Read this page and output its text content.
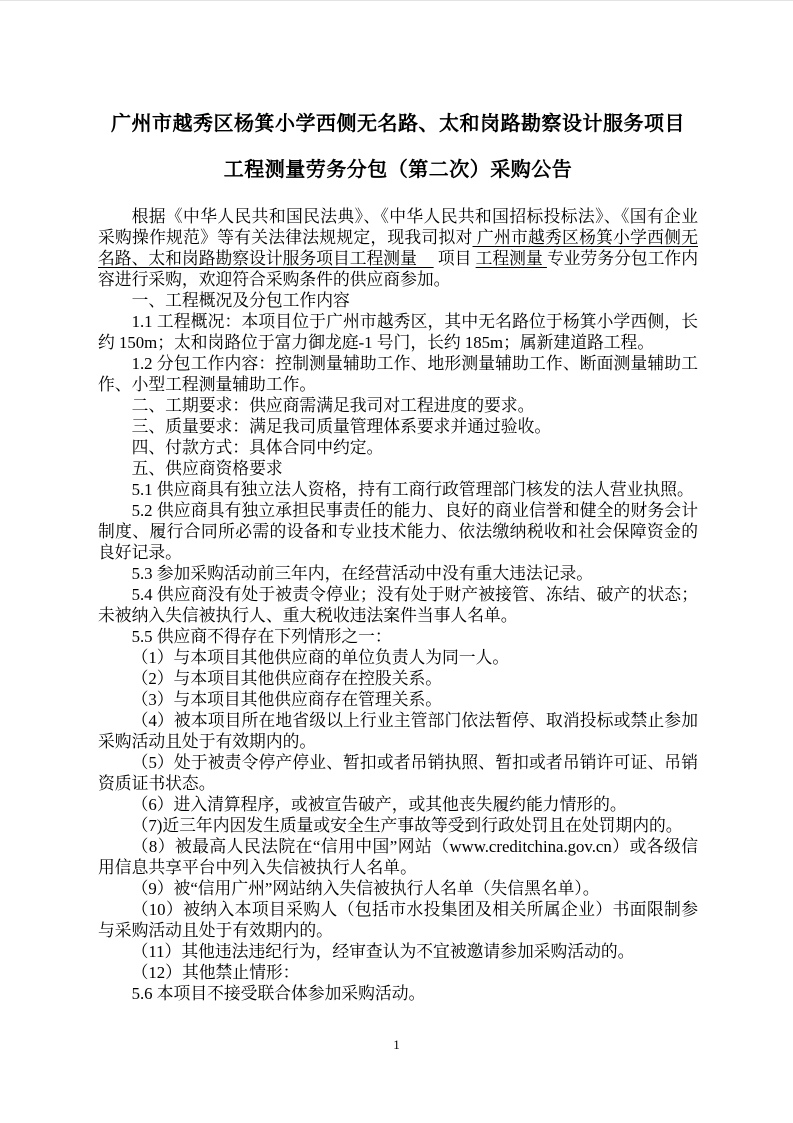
广州市越秀区杨箕小学西侧无名路、太和岗路勘察设计服务项目
工程测量劳务分包（第二次）采购公告

根据《中华人民共和国民法典》、《中华人民共和国招标投标法》、《国有企业采购操作规范》等有关法律法规规定，现我司拟对 广州市越秀区杨箕小学西侧无名路、太和岗路勘察设计服务项目工程测量　 项目 工程测量 专业劳务分包工作内容进行采购，欢迎符合采购条件的供应商参加。

一、工程概况及分包工作内容

1.1 工程概况：本项目位于广州市越秀区，其中无名路位于杨箕小学西侧，长约 150m；太和岗路位于富力御龙庭-1 号门，长约 185m；属新建道路工程。

1.2 分包工作内容：控制测量辅助工作、地形测量辅助工作、断面测量辅助工作、小型工程测量辅助工作。

二、工期要求：供应商需满足我司对工程进度的要求。

三、质量要求：满足我司质量管理体系要求并通过验收。

四、付款方式：具体合同中约定。

五、供应商资格要求

5.1 供应商具有独立法人资格，持有工商行政管理部门核发的法人营业执照。

5.2 供应商具有独立承担民事责任的能力、良好的商业信誉和健全的财务会计制度、履行合同所必需的设备和专业技术能力、依法缴纳税收和社会保障资金的良好记录。

5.3 参加采购活动前三年内，在经营活动中没有重大违法记录。

5.4 供应商没有处于被责令停业；没有处于财产被接管、冻结、破产的状态；未被纳入失信被执行人、重大税收违法案件当事人名单。

5.5 供应商不得存在下列情形之一：

（1）与本项目其他供应商的单位负责人为同一人。

（2）与本项目其他供应商存在控股关系。

（3）与本项目其他供应商存在管理关系。

（4）被本项目所在地省级以上行业主管部门依法暂停、取消投标或禁止参加采购活动且处于有效期内的。

（5）处于被责令停产停业、暂扣或者吊销执照、暂扣或者吊销许可证、吊销资质证书状态。

（6）进入清算程序，或被宣告破产，或其他丧失履约能力情形的。

（7)近三年内因发生质量或安全生产事故等受到行政处罚且在处罚期内的。

（8）被最高人民法院在“信用中国”网站（www.creditchina.gov.cn）或各级信用信息共享平台中列入失信被执行人名单。

（9）被“信用广州”网站纳入失信被执行人名单（失信黑名单）。

（10）被纳入本项目采购人（包括市水投集团及相关所属企业）书面限制参与采购活动且处于有效期内的。

（11）其他违法违纪行为，经审查认为不宜被邀请参加采购活动的。

（12）其他禁止情形：

5.6 本项目不接受联合体参加采购活动。

1
